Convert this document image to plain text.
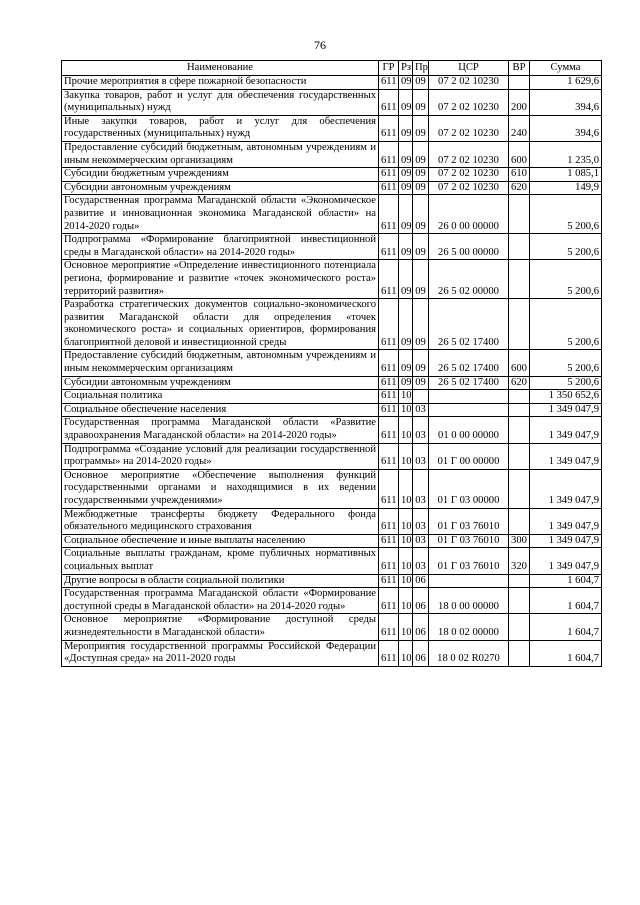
76
Наименование	ГР	Рз	Пр	ЦСР	ВР	Сумма
Прочие мероприятия в сфере пожарной безопасности	611	09	09	07 2 02 10230		1 629,6
Закупка товаров, работ и услуг для обеспечения государственных (муниципальных) нужд	611	09	09	07 2 02 10230	200	394,6
Иные закупки товаров, работ и услуг для обеспечения государственных (муниципальных) нужд	611	09	09	07 2 02 10230	240	394,6
Предоставление субсидий бюджетным, автономным учреждениям и иным некоммерческим организациям	611	09	09	07 2 02 10230	600	1 235,0
Субсидии бюджетным учреждениям	611	09	09	07 2 02 10230	610	1 085,1
Субсидии автономным учреждениям	611	09	09	07 2 02 10230	620	149,9
Государственная программа Магаданской области «Экономическое развитие и инновационная экономика Магаданской области» на 2014-2020 годы»	611	09	09	26 0 00 00000		5 200,6
Подпрограмма «Формирование благоприятной инвестиционной среды в Магаданской области» на 2014-2020 годы»	611	09	09	26 5 00 00000		5 200,6
Основное мероприятие «Определение инвестиционного потенциала региона, формирование и развитие «точек экономического роста» территорий развития»	611	09	09	26 5 02 00000		5 200,6
Разработка стратегических документов социально-экономического развития Магаданской области для определения «точек экономического роста» и социальных ориентиров, формирования благоприятной деловой и инвестиционной среды	611	09	09	26 5 02 17400		5 200,6
Предоставление субсидий бюджетным, автономным учреждениям и иным некоммерческим организациям	611	09	09	26 5 02 17400	600	5 200,6
Субсидии автономным учреждениям	611	09	09	26 5 02 17400	620	5 200,6
Социальная политика	611	10				1 350 652,6
Социальное обеспечение населения	611	10	03			1 349 047,9
Государственная программа Магаданской области «Развитие здравоохранения Магаданской области» на 2014-2020 годы»	611	10	03	01 0 00 00000		1 349 047,9
Подпрограмма «Создание условий для реализации государственной программы» на 2014-2020 годы»	611	10	03	01 Г 00 00000		1 349 047,9
Основное мероприятие «Обеспечение выполнения функций государственными органами и находящимися в их ведении государственными учреждениями»	611	10	03	01 Г 03 00000		1 349 047,9
Межбюджетные трансферты бюджету Федерального фонда обязательного медицинского страхования	611	10	03	01 Г 03 76010		1 349 047,9
Социальное обеспечение и иные выплаты населению	611	10	03	01 Г 03 76010	300	1 349 047,9
Социальные выплаты гражданам, кроме публичных нормативных социальных выплат	611	10	03	01 Г 03 76010	320	1 349 047,9
Другие вопросы в области социальной политики	611	10	06			1 604,7
Государственная программа Магаданской области «Формирование доступной среды в Магаданской области» на 2014-2020 годы»	611	10	06	18 0 00 00000		1 604,7
Основное мероприятие «Формирование доступной среды жизнедеятельности в Магаданской области»	611	10	06	18 0 02 00000		1 604,7
Мероприятия государственной программы Российской Федерации «Доступная среда» на 2011-2020 годы	611	10	06	18 0 02 R0270		1 604,7
